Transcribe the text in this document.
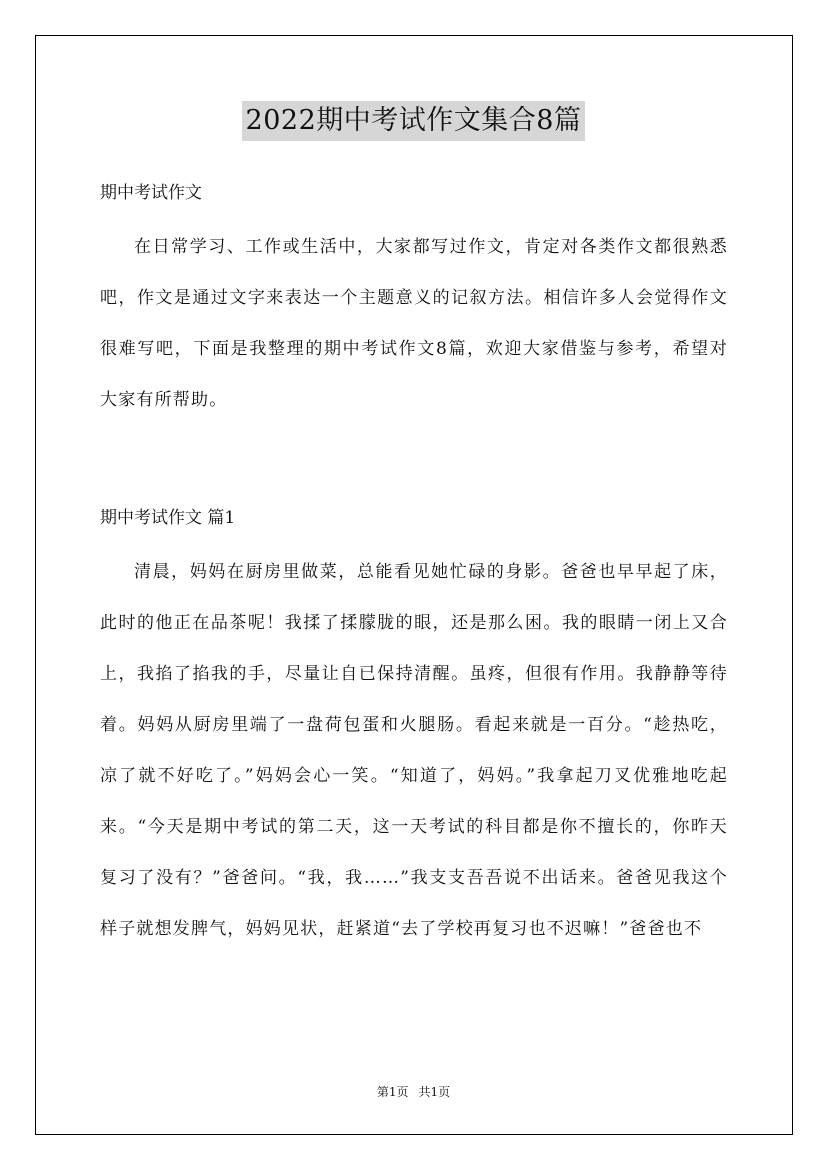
2022期中考试作文集合8篇
期中考试作文

在日常学习、工作或生活中，大家都写过作文，肯定对各类作文都很熟悉吧，作文是通过文字来表达一个主题意义的记叙方法。相信许多人会觉得作文很难写吧，下面是我整理的期中考试作文8篇，欢迎大家借鉴与参考，希望对大家有所帮助。

期中考试作文 篇1

清晨，妈妈在厨房里做菜，总能看见她忙碌的身影。爸爸也早早起了床，此时的他正在品茶呢！我揉了揉朦胧的眼，还是那么困。我的眼睛一闭上又合上，我掐了掐我的手，尽量让自已保持清醒。虽疼，但很有作用。我静静等待着。妈妈从厨房里端了一盘荷包蛋和火腿肠。看起来就是一百分。“趁热吃，凉了就不好吃了。”妈妈会心一笑。“知道了，妈妈。”我拿起刀叉优雅地吃起来。“今天是期中考试的第二天，这一天考试的科目都是你不擅长的，你昨天复习了没有？”爸爸问。“我，我……”我支支吾吾说不出话来。爸爸见我这个样子就想发脾气，妈妈见状，赶紧道“去了学校再复习也不迟嘛！”爸爸也不

第1页 共1页
